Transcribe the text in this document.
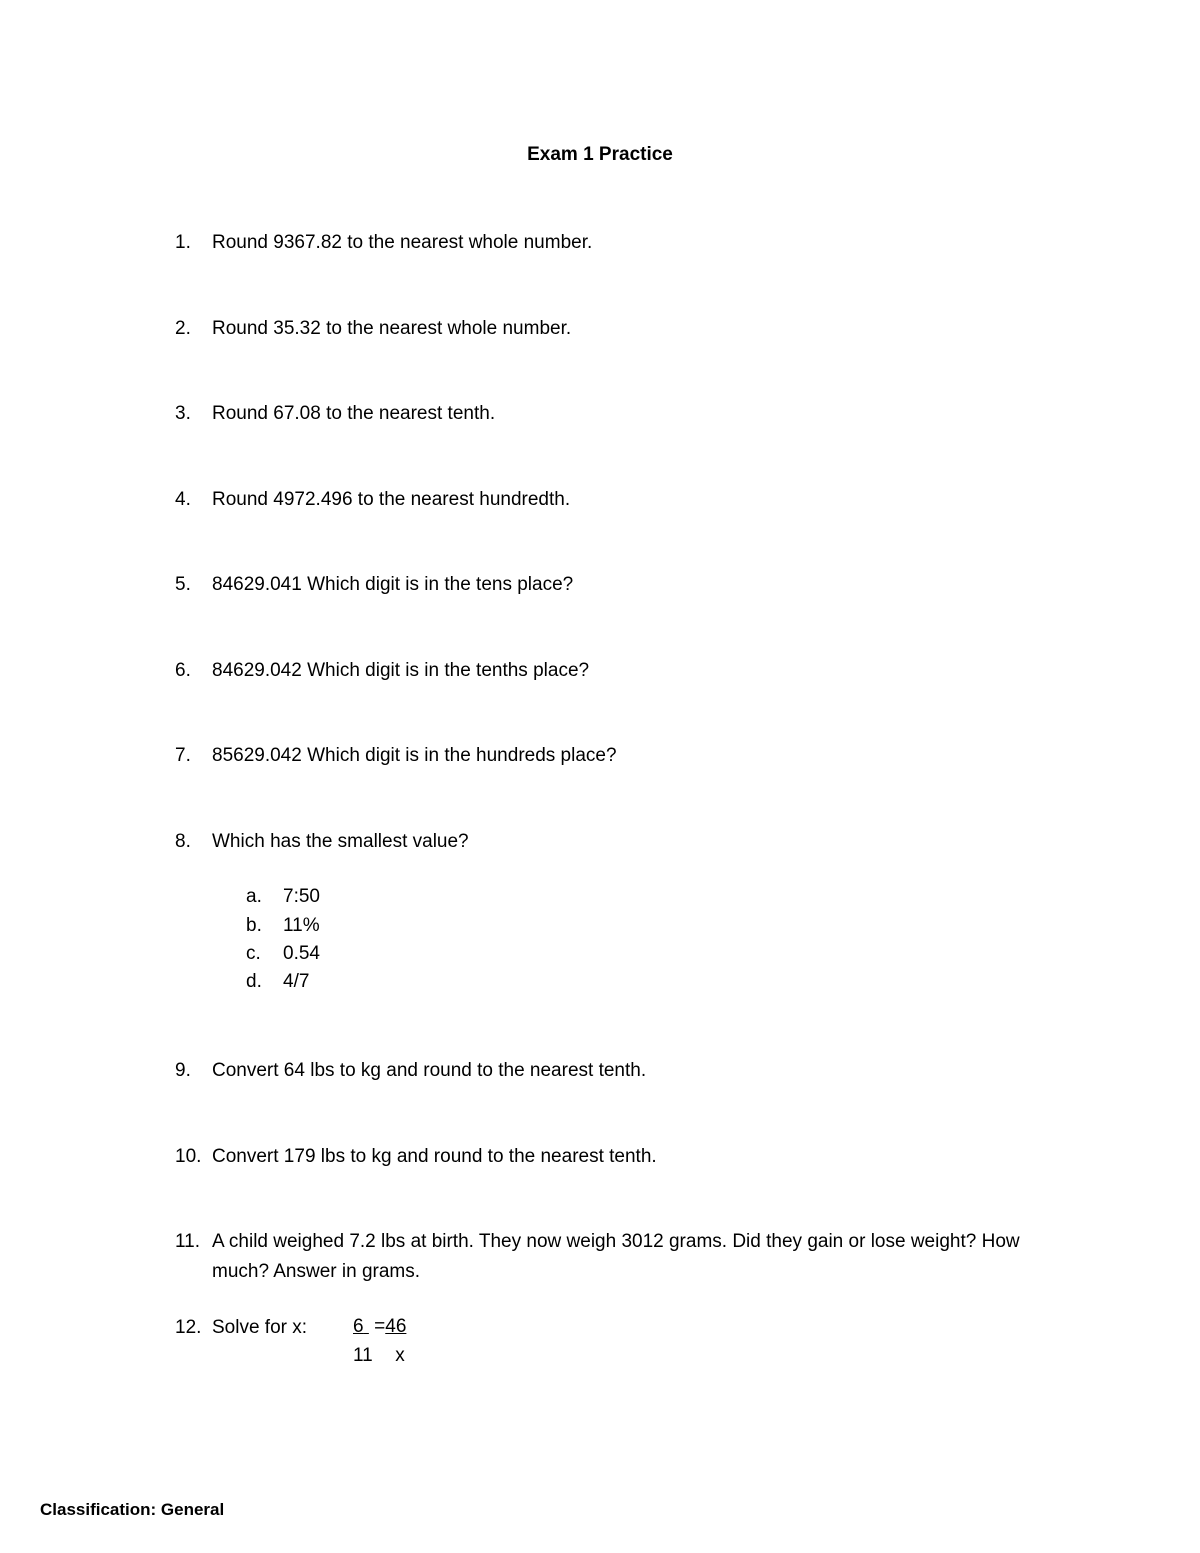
Exam 1 Practice
1. Round 9367.82 to the nearest whole number.
2. Round 35.32 to the nearest whole number.
3. Round 67.08 to the nearest tenth.
4. Round 4972.496 to the nearest hundredth.
5. 84629.041 Which digit is in the tens place?
6. 84629.042 Which digit is in the tenths place?
7. 85629.042 Which digit is in the hundreds place?
8. Which has the smallest value?
a. 7:50
b. 11%
c. 0.54
d. 4/7
9. Convert 64 lbs to kg and round to the nearest tenth.
10. Convert 179 lbs to kg and round to the nearest tenth.
11. A child weighed 7.2 lbs at birth. They now weigh 3012 grams. Did they gain or lose weight? How much? Answer in grams.
12. Solve for x: 6 =46
11 x
Classification: General
